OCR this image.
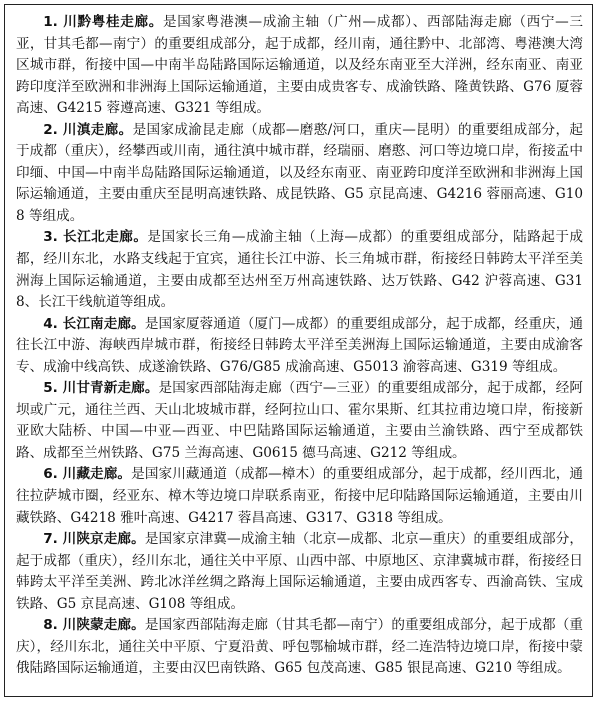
1. 川黔粤桂走廊。是国家粤港澳—成渝主轴（广州—成都）、西部陆海走廊（西宁—三亚，甘其毛都—南宁）的重要组成部分，起于成都，经川南，通往黔中、北部湾、粤港澳大湾区城市群，衔接中国—中南半岛陆路国际运输通道，以及经东南亚至大洋洲，经东南亚、南亚跨印度洋至欧洲和非洲海上国际运输通道，主要由成贵客专、成渝铁路、隆黄铁路、G76 厦蓉高速、G4215 蓉遵高速、G321 等组成。

2. 川滇走廊。是国家成渝昆走廊（成都—磨憨/河口，重庆—昆明）的重要组成部分，起于成都（重庆），经攀西或川南，通往滇中城市群，经瑞丽、磨憨、河口等边境口岸，衔接孟中印缅、中国—中南半岛陆路国际运输通道，以及经东南亚、南亚跨印度洋至欧洲和非洲海上国际运输通道，主要由重庆至昆明高速铁路、成昆铁路、G5 京昆高速、G4216 蓉丽高速、G108 等组成。

3. 长江北走廊。是国家长三角—成渝主轴（上海—成都）的重要组成部分，陆路起于成都，经川东北，水路支线起于宜宾，通往长江中游、长三角城市群，衔接经日韩跨太平洋至美洲海上国际运输通道，主要由成都至达州至万州高速铁路、达万铁路、G42 沪蓉高速、G318、长江干线航道等组成。

4. 长江南走廊。是国家厦蓉通道（厦门—成都）的重要组成部分，起于成都，经重庆，通往长江中游、海峡西岸城市群，衔接经日韩跨太平洋至美洲海上国际运输通道，主要由成渝客专、成渝中线高铁、成遂渝铁路、G76/G85 成渝高速、G5013 渝蓉高速、G319 等组成。

5. 川甘青新走廊。是国家西部陆海走廊（西宁—三亚）的重要组成部分，起于成都，经阿坝或广元，通往兰西、天山北坡城市群，经阿拉山口、霍尔果斯、红其拉甫边境口岸，衔接新亚欧大陆桥、中国—中亚—西亚、中巴陆路国际运输通道，主要由兰渝铁路、西宁至成都铁路、成都至兰州铁路、G75 兰海高速、G0615 德马高速、G212 等组成。

6. 川藏走廊。是国家川藏通道（成都—樟木）的重要组成部分，起于成都，经川西北，通往拉萨城市圈，经亚东、樟木等边境口岸联系南亚，衔接中尼印陆路国际运输通道，主要由川藏铁路、G4218 雅叶高速、G4217 蓉昌高速、G317、G318 等组成。

7. 川陕京走廊。是国家京津冀—成渝主轴（北京—成都、北京—重庆）的重要组成部分，起于成都（重庆），经川东北，通往关中平原、山西中部、中原地区、京津冀城市群，衔接经日韩跨太平洋至美洲、跨北冰洋丝绸之路海上国际运输通道，主要由成西客专、西渝高铁、宝成铁路、G5 京昆高速、G108 等组成。

8. 川陕蒙走廊。是国家西部陆海走廊（甘其毛都—南宁）的重要组成部分，起于成都（重庆），经川东北，通往关中平原、宁夏沿黄、呼包鄂榆城市群，经二连浩特边境口岸，衔接中蒙俄陆路国际运输通道，主要由汉巴南铁路、G65 包茂高速、G85 银昆高速、G210 等组成。
